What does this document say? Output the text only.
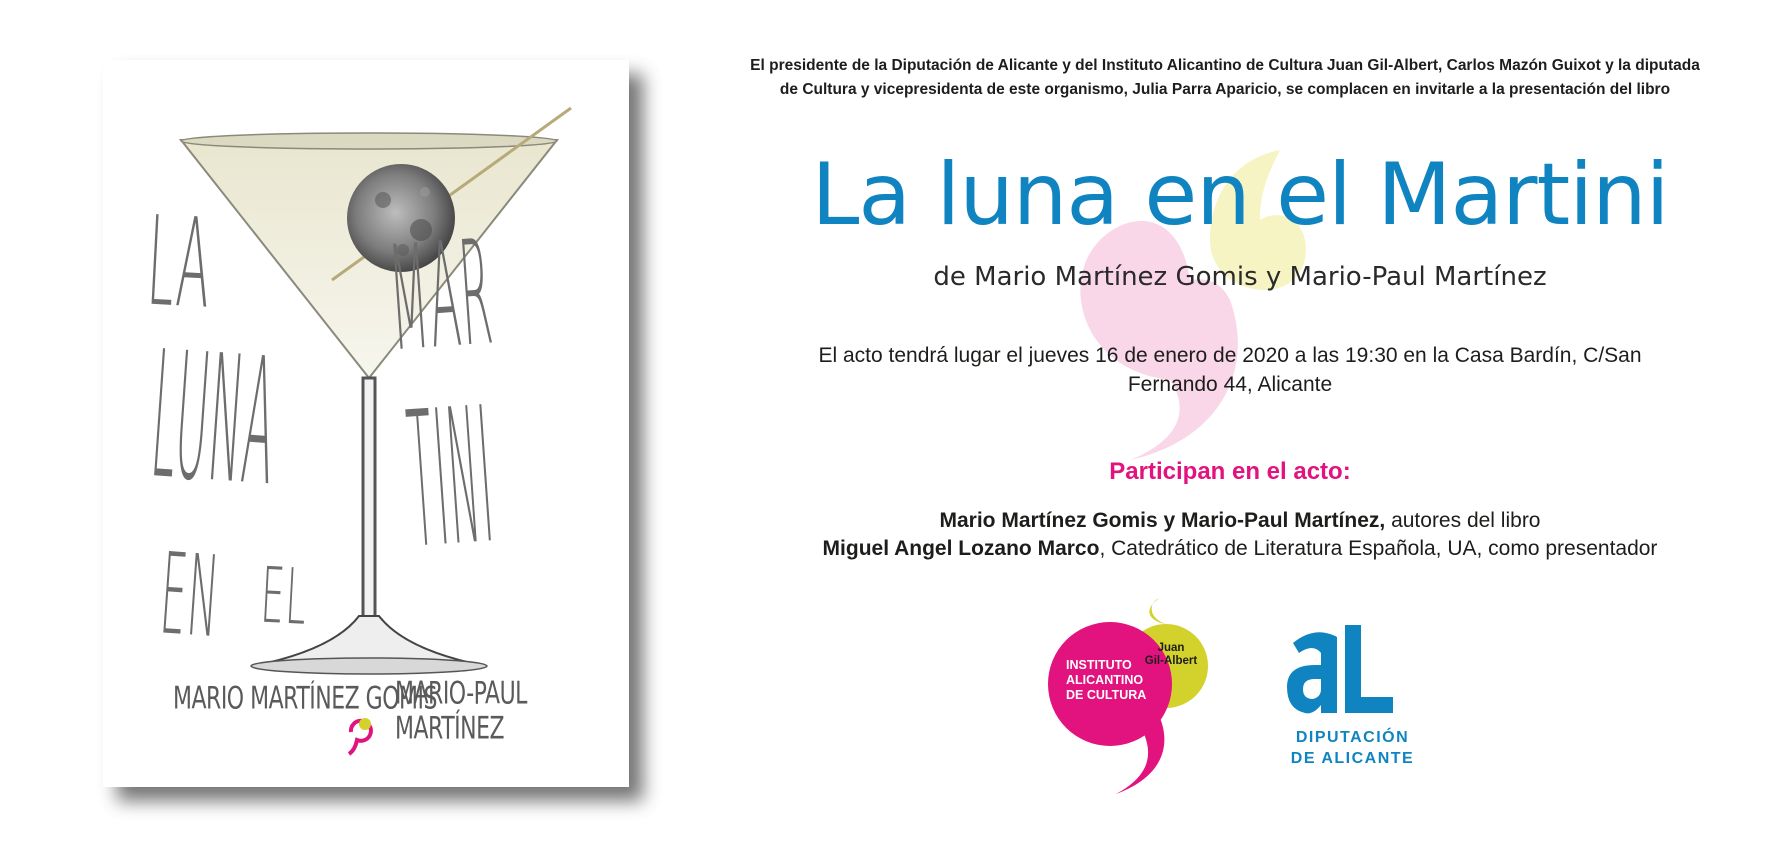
LA
LUNA
EN EL
MAR
TINI
MARIO MARTÍNEZ GOMIS
MARIO-PAUL MARTÍNEZ

El presidente de la Diputación de Alicante y del Instituto Alicantino de Cultura Juan Gil-Albert, Carlos Mazón Guixot y la diputada

de Cultura y vicepresidenta de este organismo, Julia Parra Aparicio, se complacen en invitarle a la presentación del libro

La luna en el Martini
de Mario Martínez Gomis y Mario-Paul Martínez
El acto tendrá lugar el jueves 16 de enero de 2020 a las 19:30 en la Casa Bardín, C/San
Fernando 44, Alicante
Participan en el acto:
Mario Martínez Gomis y Mario-Paul Martínez, autores del libro
Miguel Angel Lozano Marco, Catedrático de Literatura Española, UA, como presentador
INSTITUTO
ALICANTINO
DE CULTURA
Juan
Gil-Albert
DIPUTACIÓN
DE ALICANTE
